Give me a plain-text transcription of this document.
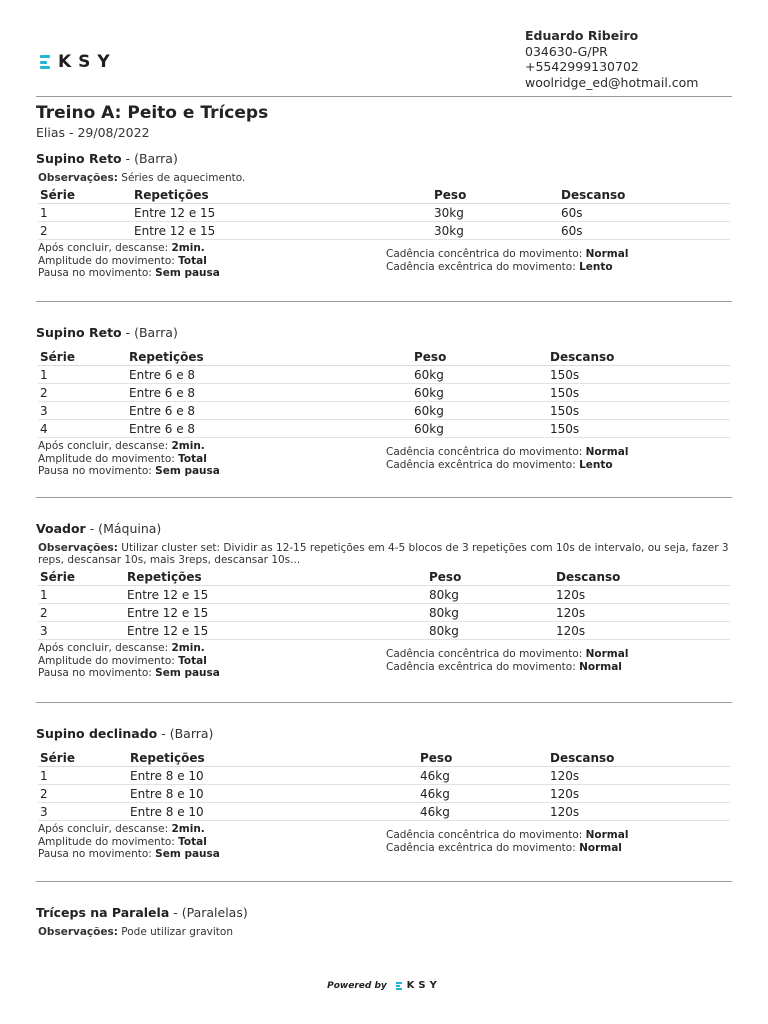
KSY
Eduardo Ribeiro
034630-G/PR
+5542999130702
woolridge_ed@hotmail.com
Treino A: Peito e Tríceps
Elias - 29/08/2022
Supino Reto - (Barra)
Observações: Séries de aquecimento.
Série	Repetições	Peso	Descanso
1	Entre 12 e 15	30kg	60s
2	Entre 12 e 15	30kg	60s
Após concluir, descanse: 2min.
Amplitude do movimento: Total
Pausa no movimento: Sem pausa
Cadência concêntrica do movimento: Normal
Cadência excêntrica do movimento: Lento
Supino Reto - (Barra)
Série	Repetições	Peso	Descanso
1	Entre 6 e 8	60kg	150s
2	Entre 6 e 8	60kg	150s
3	Entre 6 e 8	60kg	150s
4	Entre 6 e 8	60kg	150s
Após concluir, descanse: 2min.
Amplitude do movimento: Total
Pausa no movimento: Sem pausa
Cadência concêntrica do movimento: Normal
Cadência excêntrica do movimento: Lento
Voador - (Máquina)
Observações: Utilizar cluster set: Dividir as 12-15 repetições em 4-5 blocos de 3 repetições com 10s de intervalo, ou seja, fazer 3 reps, descansar 10s, mais 3reps, descansar 10s...
Série	Repetições	Peso	Descanso
1	Entre 12 e 15	80kg	120s
2	Entre 12 e 15	80kg	120s
3	Entre 12 e 15	80kg	120s
Após concluir, descanse: 2min.
Amplitude do movimento: Total
Pausa no movimento: Sem pausa
Cadência concêntrica do movimento: Normal
Cadência excêntrica do movimento: Normal
Supino declinado - (Barra)
Série	Repetições	Peso	Descanso
1	Entre 8 e 10	46kg	120s
2	Entre 8 e 10	46kg	120s
3	Entre 8 e 10	46kg	120s
Após concluir, descanse: 2min.
Amplitude do movimento: Total
Pausa no movimento: Sem pausa
Cadência concêntrica do movimento: Normal
Cadência excêntrica do movimento: Normal
Tríceps na Paralela - (Paralelas)
Observações: Pode utilizar graviton
Powered by KSY
